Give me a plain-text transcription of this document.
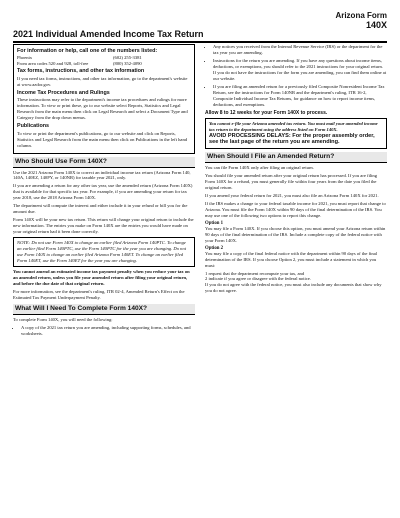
Arizona Form
140X
2021 Individual Amended Income Tax Return
For information or help, call one of the numbers listed:
Phoenix	(602) 255-3381
From area codes 520 and 928, toll-free	(800) 352-4090
Tax forms, instructions, and other tax information

If you need tax forms, instructions, and other tax information, go to the department's website at www.azdor.gov.

Income Tax Procedures and Rulings

These instructions may refer to the department's income tax procedures and rulings for more information. To view or print these, go to our website select Reports, Statistics and Legal Research from the main menu then click on Legal Research and select a Document Type and Category from the drop down menus.

Publications

To view or print the department's publications, go to our website and click on Reports, Statistics and Legal Research from the main menu then click on Publications in the left hand column.

Who Should Use Form 140X?

Use the 2021 Arizona Form 140X to correct an individual income tax return (Arizona Form 140, 140A, 140EZ, 140PY, or 140NR) for taxable year 2021, only.

If you are amending a return for any other tax year, use the amended return (Arizona Form 140X) that is available for that specific tax year. For example, if you are amending your return for tax year 2018, use the 2018 Arizona Form 140X.

The department will compute the interest and either include it in your refund or bill you for the amount due.

Form 140X will be your new tax return. This return will change your original return to include the new information. The entries you make on Form 140X are the entries you would have made on your original return had it been done correctly.

NOTE: Do not use Form 140X to change an earlier filed Arizona Form 140PTC. To change an earlier filed Form 140PTC, use the Form 140PTC for the year you are changing. Do not use Form 140X to change an earlier filed Arizona Form 140ET. To change an earlier filed Form 140ET, use the Form 140ET for the year you are changing.

You cannot amend an estimated income tax payment penalty when you reduce your tax on an amended return, unless you file your amended return after filing your original return, and before the due date of that original return.

For more information, see the department's ruling, ITR 02-4, Amended Return's Effect on the Estimated Tax Payment Underpayment Penalty.

What Will I Need To Complete Form 140X?

To complete Form 140X, you will need the following:

• A copy of the 2021 tax return you are amending, including supporting forms, schedules, and worksheets.
• Any notices you received from the Internal Revenue Service (IRS) or the department for the tax year you are amending.
• Instructions for the return you are amending. If you have any questions about income items, deductions, or exemptions, you should refer to the 2021 instructions for your original return. If you do not have the instructions for the form you are amending, you can find them online at our website.
• If you are filing an amended return for a previously filed Composite Nonresident Income Tax Return, see the instructions for Form 140NR and the department's ruling, ITR 16-2, Composite Individual Income Tax Returns, for guidance on how to report income items, deductions, and exemptions.
Allow 8 to 12 weeks for your Form 140X to process.
You cannot e-file your Arizona amended tax return. You must mail your amended income tax return to the department using the address listed on Form 140X.
AVOID PROCESSING DELAYS: For the proper assembly order, see the last page of the return you are amending.
When Should I File an Amended Return?

You can file Form 140X only after filing an original return.

You should file your amended return after your original return has processed. If you are filing Form 140X for a refund, you must generally file within four years from the date you filed the original return.

If you amend your federal return for 2021, you must also file an Arizona Form 140X for 2021.

If the IRS makes a change to your federal taxable income for 2021, you must report that change to Arizona. You must file the Form 140X within 90 days of the final determination of the IRS. You may use one of the following two options to report this change.

Option 1

You may file a Form 140X. If you choose this option, you must amend your Arizona return within 90 days of the final determination of the IRS. Include a complete copy of the federal notice with your Form 140X.

Option 2

You may file a copy of the final federal notice with the department within 90 days of the final determination of the IRS. If you choose Option 2, you must include a statement in which you must:

1 request that the department recompute your tax, and
2 indicate if you agree or disagree with the federal notice.

If you do not agree with the federal notice, you must also include any documents that show why you do not agree.
